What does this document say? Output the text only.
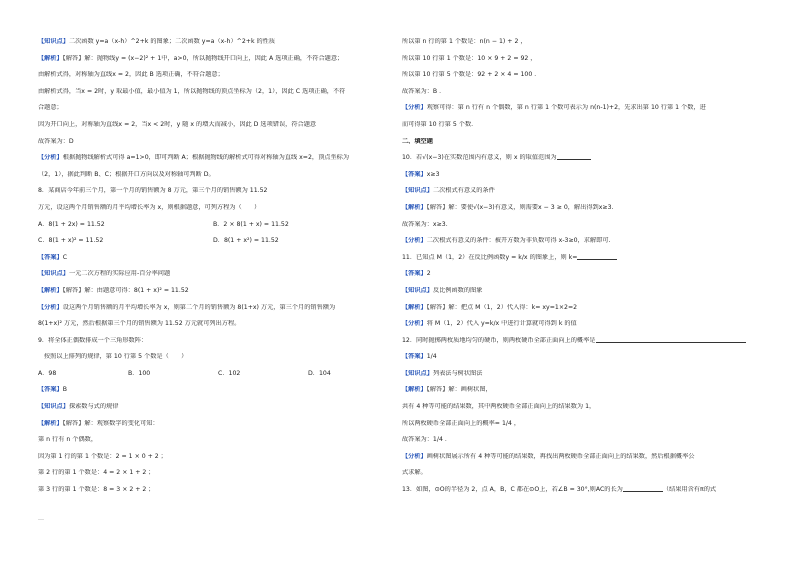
【知识点】二次函数 y=a（x-h）^2+k 的图象；二次函数 y=a（x-h）^2+k 的性质
【解析】【解答】解：抛物线y = (x−2)² + 1中，a>0，所以抛物线开口向上，因此 A 选项正确，不符合题意；
由解析式得，对称轴为直线x = 2，因此 B 选项正确，不符合题意；
由解析式得，当x = 2时，y 取最小值，最小值为 1，所以抛物线的顶点坐标为（2，1），因此 C 选项正确，不符
合题意；
因为开口向上，对称轴为直线x = 2，当x < 2时，y 随 x 的增大而减小，因此 D 选项错误，符合题意
故答案为：D
【分析】根据抛物线解析式可得 a=1>0，即可判断 A；根据抛物线的解析式可得对称轴为直线 x=2，顶点坐标为
（2，1），据此判断 B、C；根据开口方向以及对称轴可判断 D。
8．某商店今年前三个月，第一个月的销售额为 8 万元，第三个月的销售额为 11.52
万元，设这两个月销售额的月平均增长率为 x，则根据题意，可列方程为（　　）
A．8(1 + 2x) = 11.52	B．2 × 8(1 + x) = 11.52
C．8(1 + x)² = 11.52	D．8(1 + x²) = 11.52
【答案】C
【知识点】一元二次方程的实际应用-百分率问题
【解析】【解答】解：由题意可得：8(1 + x)² = 11.52
【分析】设这两个月销售额的月平均增长率为 x，则第二个月的销售额为 8(1+x) 万元，第三个月的销售额为
8(1+x)² 万元，然后根据第三个月的销售额为 11.52 万元就可列出方程。
9．将全体正偶数排成一个三角形数阵：
按照以上排列的规律，第 10 行第 5 个数是（　　）
A．98	B．100	C．102	D．104
【答案】B
【知识点】探索数与式的规律
【解析】【解答】解：观察数字的变化可知：
第 n 行有 n 个偶数，
因为第 1 行的第 1 个数是：2 = 1 × 0 + 2 ；
第 2 行的第 1 个数是：4 = 2 × 1 + 2 ；
第 3 行的第 1 个数是：8 = 3 × 2 + 2 ；
…
所以第 n 行的第 1 个数是：n(n − 1) + 2 ，
所以第 10 行第 1 个数是：10 × 9 + 2 = 92 ，
所以第 10 行第 5 个数是：92 + 2 × 4 = 100 ．
故答案为：B ．
【分析】观察可得：第 n 行有 n 个偶数，第 n 行第 1 个数可表示为 n(n-1)+2，先求出第 10 行第 1 个数，进
而可得第 10 行第 5 个数.
二、填空题
10．若√(x−3)在实数范围内有意义，则 x 的取值范围为
【答案】x≥3
【知识点】二次根式有意义的条件
【解析】【解答】解：要使√(x−3)有意义，则需要x − 3 ≥ 0，解出得到x≥3.
故答案为：x≥3.
【分析】二次根式有意义的条件：被开方数为非负数可得 x-3≥0，求解即可.
11．已知点 M（1，2）在反比例函数y = k/x 的图象上，则 k=
【答案】2
【知识点】反比例函数的图象
【解析】【解答】解：把点 M（1，2）代入得：k= xy=1×2=2
【分析】将 M（1，2）代入 y=k/x 中进行计算就可得到 k 的值
12．同时抛掷两枚质地均匀的硬币，则两枚硬币全部正面向上的概率是
【答案】1/4
【知识点】列表法与树状图法
【解析】【解答】解：画树状图，
共有 4 种等可能的结果数，其中两枚硬币全部正面向上的结果数为 1，
所以两枚硬币全部正面向上的概率= 1/4 ，
故答案为：1/4 ．
【分析】画树状图展示所有 4 种等可能的结果数，再找出两枚硬币全部正面向上的结果数，然后根据概率公
式求解。
13．如图，⊙O的半径为 2，点 A，B，C 都在⊙O上，若∠B = 30°,则AC的长为	（结果用含有π的式
